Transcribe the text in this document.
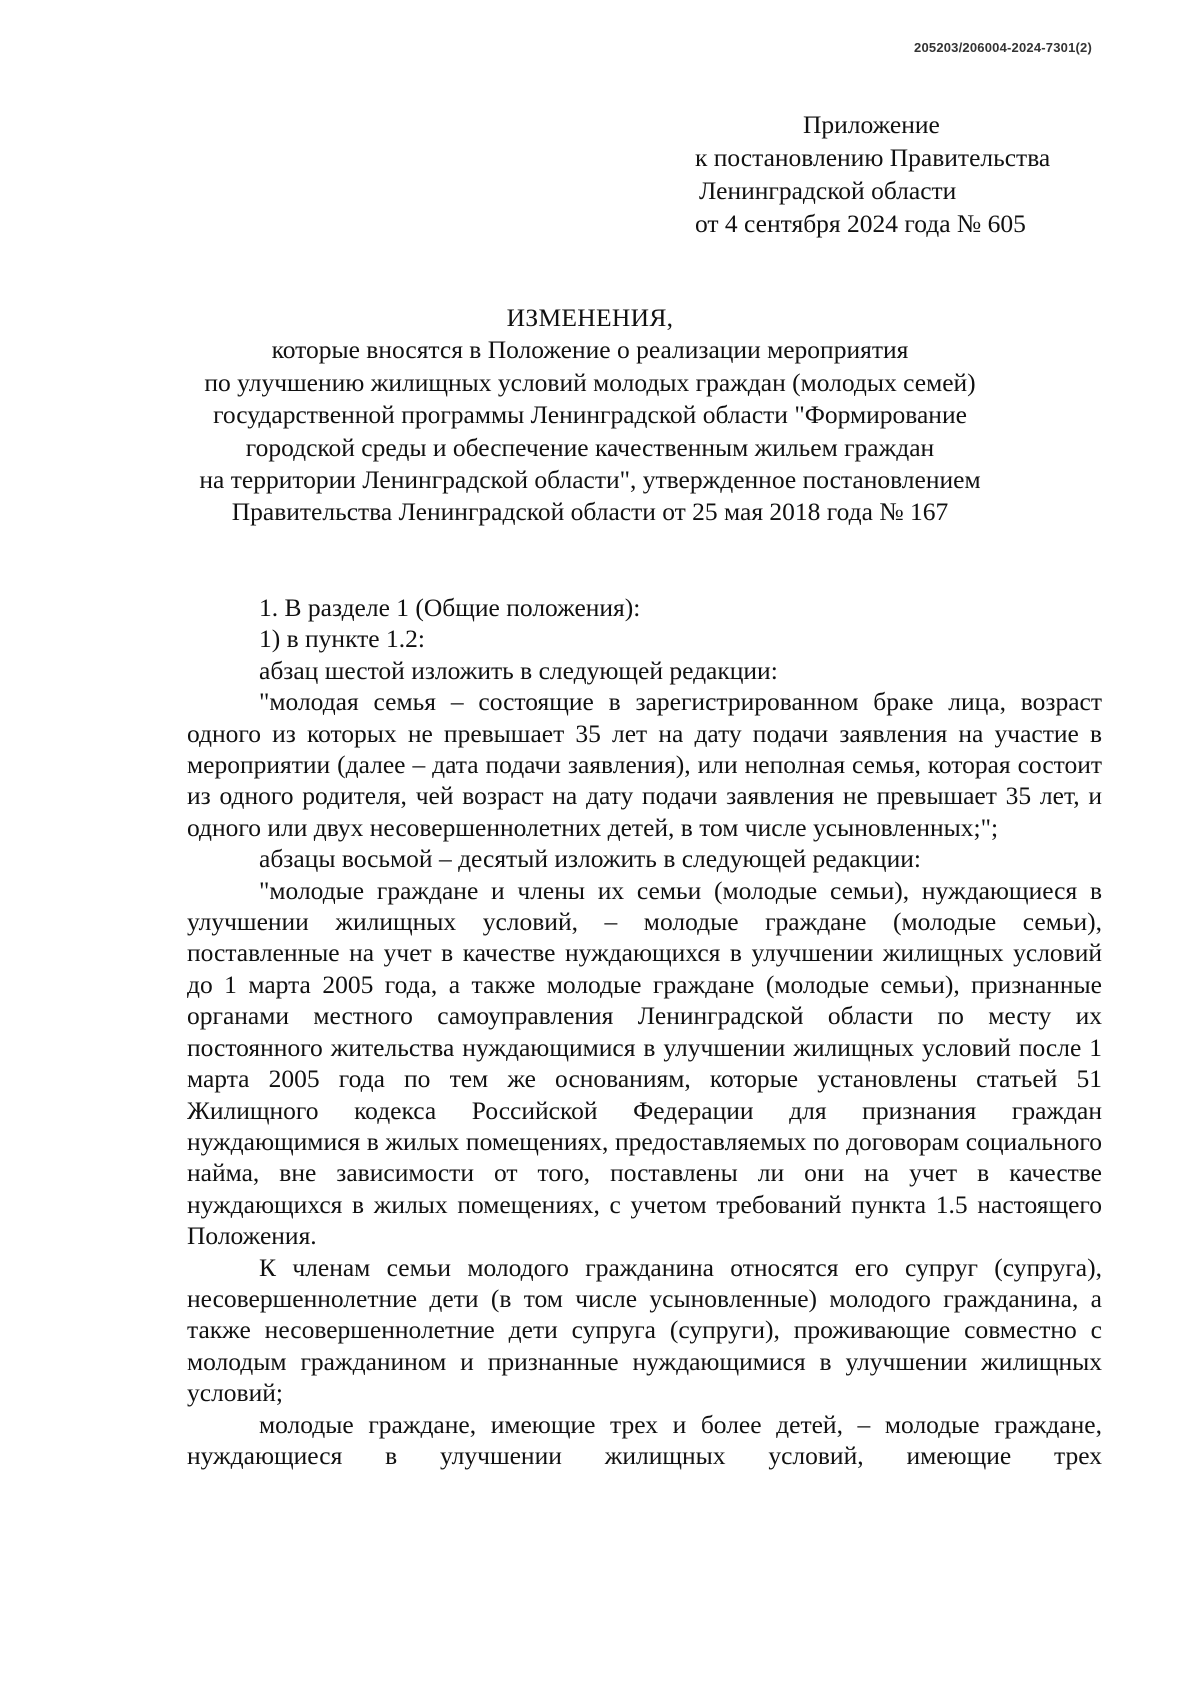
205203/206004-2024-7301(2)
Приложение
к постановлению Правительства
Ленинградской области
от 4 сентября 2024 года № 605
ИЗМЕНЕНИЯ,
которые вносятся в Положение о реализации мероприятия
по улучшению жилищных условий молодых граждан (молодых семей)
государственной программы Ленинградской области "Формирование
городской среды и обеспечение качественным жильем граждан
на территории Ленинградской области", утвержденное постановлением
Правительства Ленинградской области от 25 мая 2018 года № 167

1. В разделе 1 (Общие положения):

1) в пункте 1.2:

абзац шестой изложить в следующей редакции:

"молодая семья – состоящие в зарегистрированном браке лица, возраст одного из которых не превышает 35 лет на дату подачи заявления на участие в мероприятии (далее – дата подачи заявления), или неполная семья, которая состоит из одного родителя, чей возраст на дату подачи заявления не превышает 35 лет, и одного или двух несовершеннолетних детей, в том числе усыновленных;";

абзацы восьмой – десятый изложить в следующей редакции:

"молодые граждане и члены их семьи (молодые семьи), нуждающиеся в улучшении жилищных условий, – молодые граждане (молодые семьи), поставленные на учет в качестве нуждающихся в улучшении жилищных условий до 1 марта 2005 года, а также молодые граждане (молодые семьи), признанные органами местного самоуправления Ленинградской области по месту их постоянного жительства нуждающимися в улучшении жилищных условий после 1 марта 2005 года по тем же основаниям, которые установлены статьей 51 Жилищного кодекса Российской Федерации для признания граждан нуждающимися в жилых помещениях, предоставляемых по договорам социального найма, вне зависимости от того, поставлены ли они на учет в качестве нуждающихся в жилых помещениях, с учетом требований пункта 1.5 настоящего Положения.

К членам семьи молодого гражданина относятся его супруг (супруга), несовершеннолетние дети (в том числе усыновленные) молодого гражданина, а также несовершеннолетние дети супруга (супруги), проживающие совместно с молодым гражданином и признанные нуждающимися в улучшении жилищных условий;

молодые граждане, имеющие трех и более детей, – молодые граждане, нуждающиеся в улучшении жилищных условий, имеющие трех
